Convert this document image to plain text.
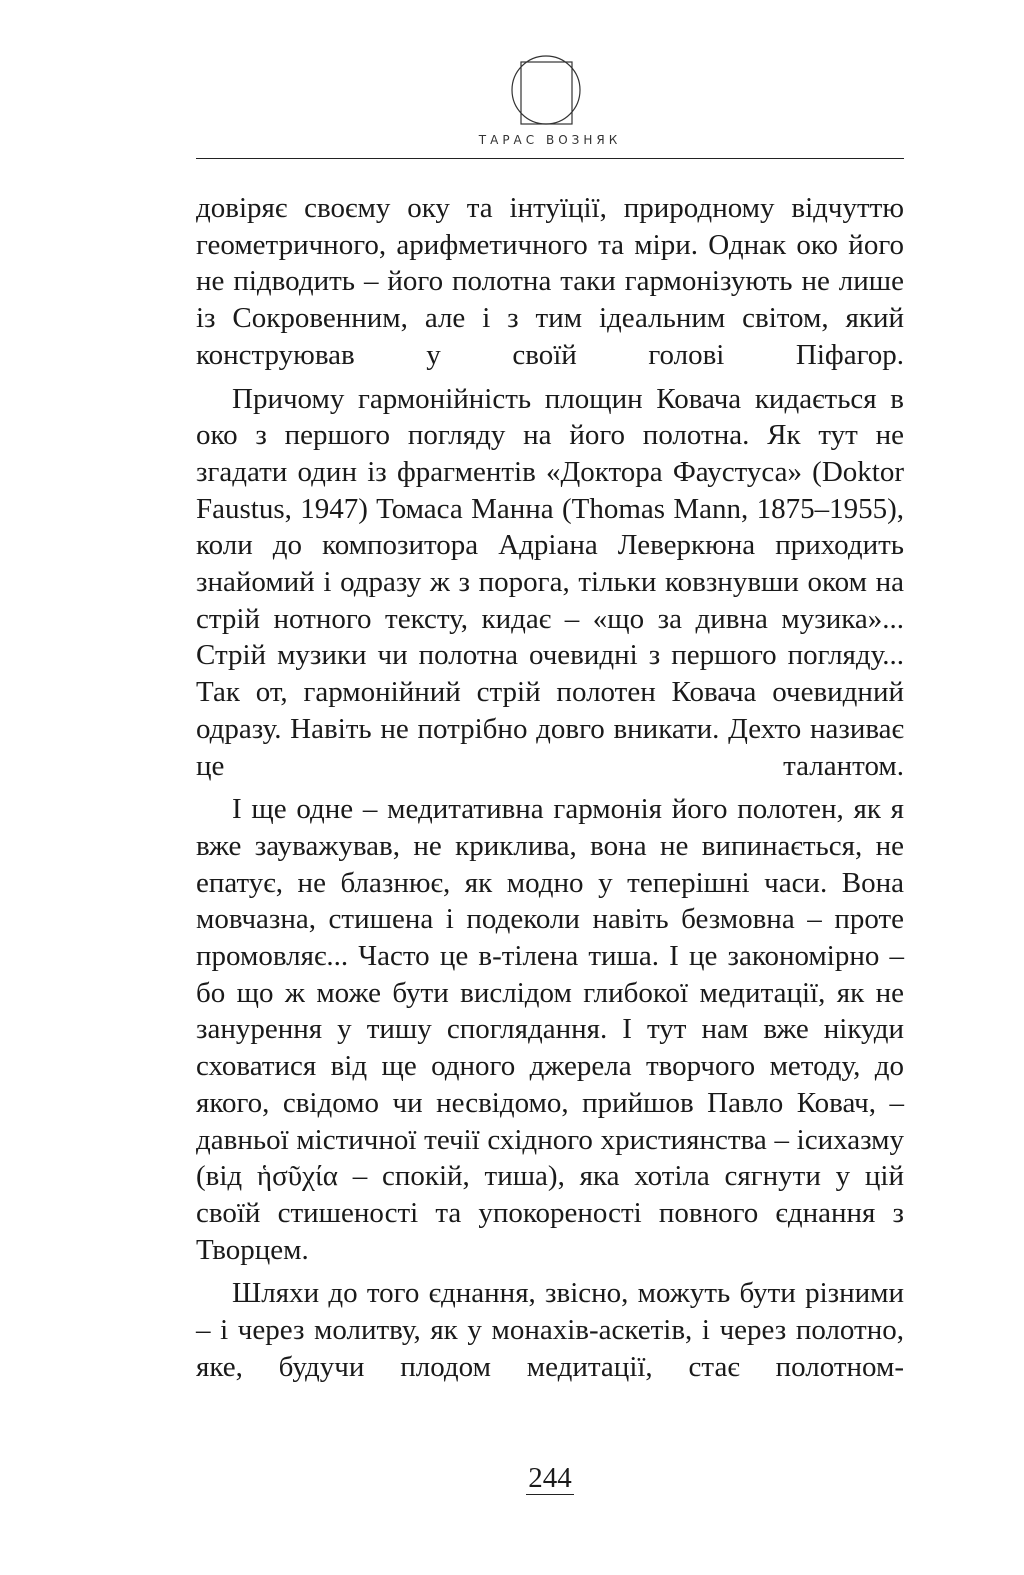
ТАРАС ВОЗНЯК

довіряє своєму оку та інтуїції, природному відчуттю геометричного, арифметичного та міри. Однак око його не підводить – його полотна таки гармонізують не лише із Сокровенним, але і з тим ідеальним світом, який конструював у своїй голові Піфагор.

Причому гармонійність площин Ковача кидається в око з першого погляду на його полотна. Як тут не згадати один із фрагментів «Доктора Фаустуса» (Doktor Faustus, 1947) Томаса Манна (Thomas Mann, 1875–1955), коли до композитора Адріана Леверкюна приходить знайомий і одразу ж з порога, тільки ковзнувши оком на стрій нотного тексту, кидає – «що за дивна музика»... Стрій музики чи полотна очевидні з першого погляду... Так от, гармонійний стрій полотен Ковача очевидний одразу. Навіть не потрібно довго вникати. Дехто називає це талантом.

І ще одне – медитативна гармонія його полотен, як я вже зауважував, не криклива, вона не випинається, не епатує, не блазнює, як модно у теперішні часи. Вона мовчазна, стишена і подеколи навіть безмовна – проте промовляє... Часто це в-тілена тиша. І це закономірно – бо що ж може бути вислідом глибокої медитації, як не занурення у тишу споглядання. І тут нам вже нікуди сховатися від ще одного джерела творчого методу, до якого, свідомо чи несвідомо, прийшов Павло Ковач, – давньої містичної течії східного християнства – ісихазму (від ἡσῦχία – спокій, тиша), яка хотіла сягнути у цій своїй стишеності та упокореності повного єднання з Творцем.

Шляхи до того єднання, звісно, можуть бути різними – і через молитву, як у монахів-аскетів, і через полотно, яке, будучи плодом медитації, стає полотном-

244
